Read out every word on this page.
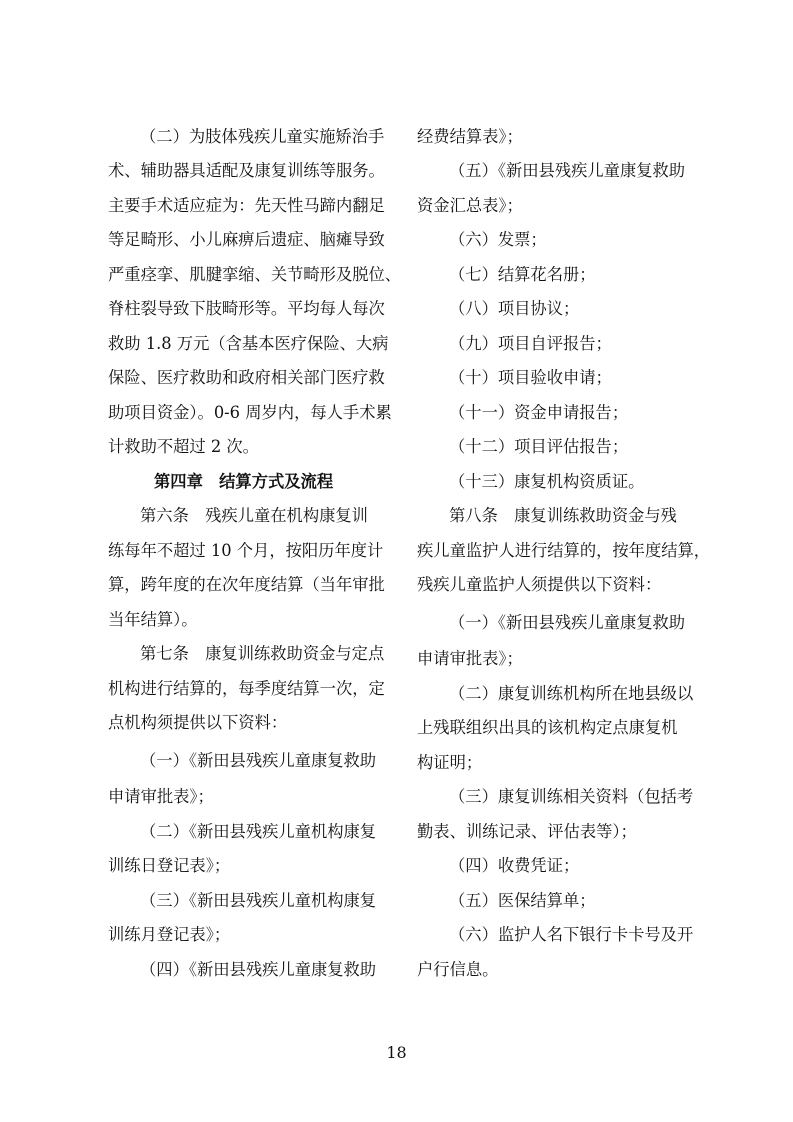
（二）为肢体残疾儿童实施矫治手
术、辅助器具适配及康复训练等服务。
主要手术适应症为：先天性马蹄内翻足
等足畸形、小儿麻痹后遗症、脑瘫导致
严重痉挛、肌腱挛缩、关节畸形及脱位、
脊柱裂导致下肢畸形等。平均每人每次
救助 1.8 万元（含基本医疗保险、大病
保险、医疗救助和政府相关部门医疗救
助项目资金）。0-6 周岁内，每人手术累
计救助不超过 2 次。
第四章　结算方式及流程
第六条　残疾儿童在机构康复训
练每年不超过 10 个月，按阳历年度计
算，跨年度的在次年度结算（当年审批
当年结算）。
第七条　康复训练救助资金与定点
机构进行结算的，每季度结算一次，定
点机构须提供以下资料：
（一）《新田县残疾儿童康复救助
申请审批表》；
（二）《新田县残疾儿童机构康复
训练日登记表》；
（三）《新田县残疾儿童机构康复
训练月登记表》；
（四）《新田县残疾儿童康复救助
经费结算表》；
（五）《新田县残疾儿童康复救助
资金汇总表》；
（六）发票；
（七）结算花名册；
（八）项目协议；
（九）项目自评报告；
（十）项目验收申请；
（十一）资金申请报告；
（十二）项目评估报告；
（十三）康复机构资质证。
第八条　康复训练救助资金与残
疾儿童监护人进行结算的，按年度结算，
残疾儿童监护人须提供以下资料：
（一）《新田县残疾儿童康复救助
申请审批表》；
（二）康复训练机构所在地县级以
上残联组织出具的该机构定点康复机
构证明；
（三）康复训练相关资料（包括考
勤表、训练记录、评估表等）；
（四）收费凭证；
（五）医保结算单；
（六）监护人名下银行卡卡号及开
户行信息。
18
